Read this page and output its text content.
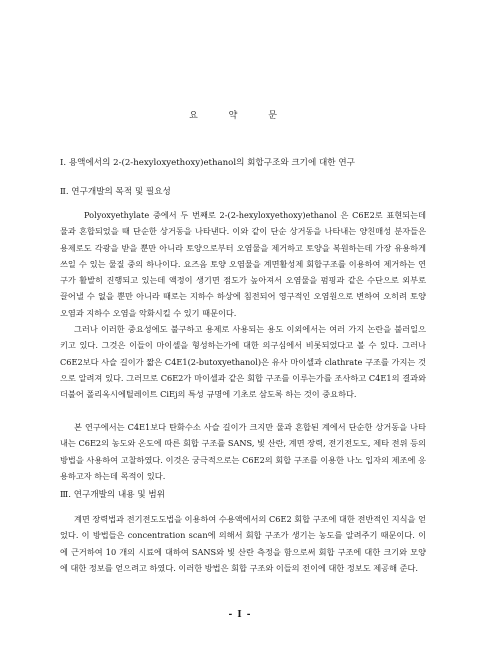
요 약 문
Ⅰ. 용액에서의 2-(2-hexyloxyethoxy)ethanol의 회합구조와 크기에 대한 연구
Ⅱ. 연구개발의 목적 및 필요성

Polyoxyethylate 중에서 두 번째로 2-(2-hexyloxyethoxy)ethanol 은 C6E2로 표현되는데 물과 혼합되었을 때 단순한 상거동을 나타낸다. 이와 같이 단순 상거동을 나타내는 양친매성 분자들은 용제로도 각광을 받을 뿐만 아니라 토양으로부터 오염물을 제거하고 토양을 복원하는데 가장 유용하게 쓰일 수 있는 물질 중의 하나이다. 요즈음 토양 오염물을 계면활성제 회합구조를 이용하여 제거하는 연구가 활발히 진행되고 있는데 액정이 생기면 점도가 높아져서 오염물을 펌핑과 같은 수단으로 외부로 끌어낼 수 없을 뿐만 아니라 때로는 지하수 하상에 침전되어 영구적인 오염원으로 변하여 오히려 토양 오염과 지하수 오염을 악화시킬 수 있기 때문이다.

그러나 이러한 중요성에도 불구하고 용제로 사용되는 용도 이외에서는 여러 가지 논란을 불러일으키고 있다. 그것은 이들이 마이셀을 형성하는가에 대한 의구심에서 비롯되었다고 볼 수 있다. 그러나 C6E2보다 사슬 길이가 짧은 C4E1(2-butoxyethanol)은 유사 마이셀과 clathrate 구조를 가지는 것으로 알려져 있다. 그러므로 C6E2가 마이셀과 같은 회합 구조를 이루는가를 조사하고 C4E1의 결과와 더불어 폴리옥시에틸레이트 CiEj의 특성 규명에 기초로 삼도록 하는 것이 중요하다.

본 연구에서는 C4E1보다 탄화수소 사슬 길이가 크지만 물과 혼합된 계에서 단순한 상거동을 나타내는 C6E2의 농도와 온도에 따른 회합 구조를 SANS, 빛 산란, 계면 장력, 전기전도도, 제타 전위 등의 방법을 사용하여 고찰하였다. 이것은 궁극적으로는 C6E2의 회합 구조를 이용한 나노 입자의 제조에 응용하고자 하는데 목적이 있다.

Ⅲ. 연구개발의 내용 및 범위

계면 장력법과 전기전도도법을 이용하여 수용액에서의 C6E2 회합 구조에 대한 전반적인 지식을 얻었다. 이 방법들은 concentration scan에 의해서 회합 구조가 생기는 농도를 알려주기 때문이다. 이에 근거하여 10 개의 시료에 대하여 SANS와 빛 산란 측정을 함으로써 회합 구조에 대한 크기와 모양에 대한 정보를 얻으려고 하였다. 이러한 방법은 회합 구조와 이들의 전이에 대한 정보도 제공해 준다.

- I -
